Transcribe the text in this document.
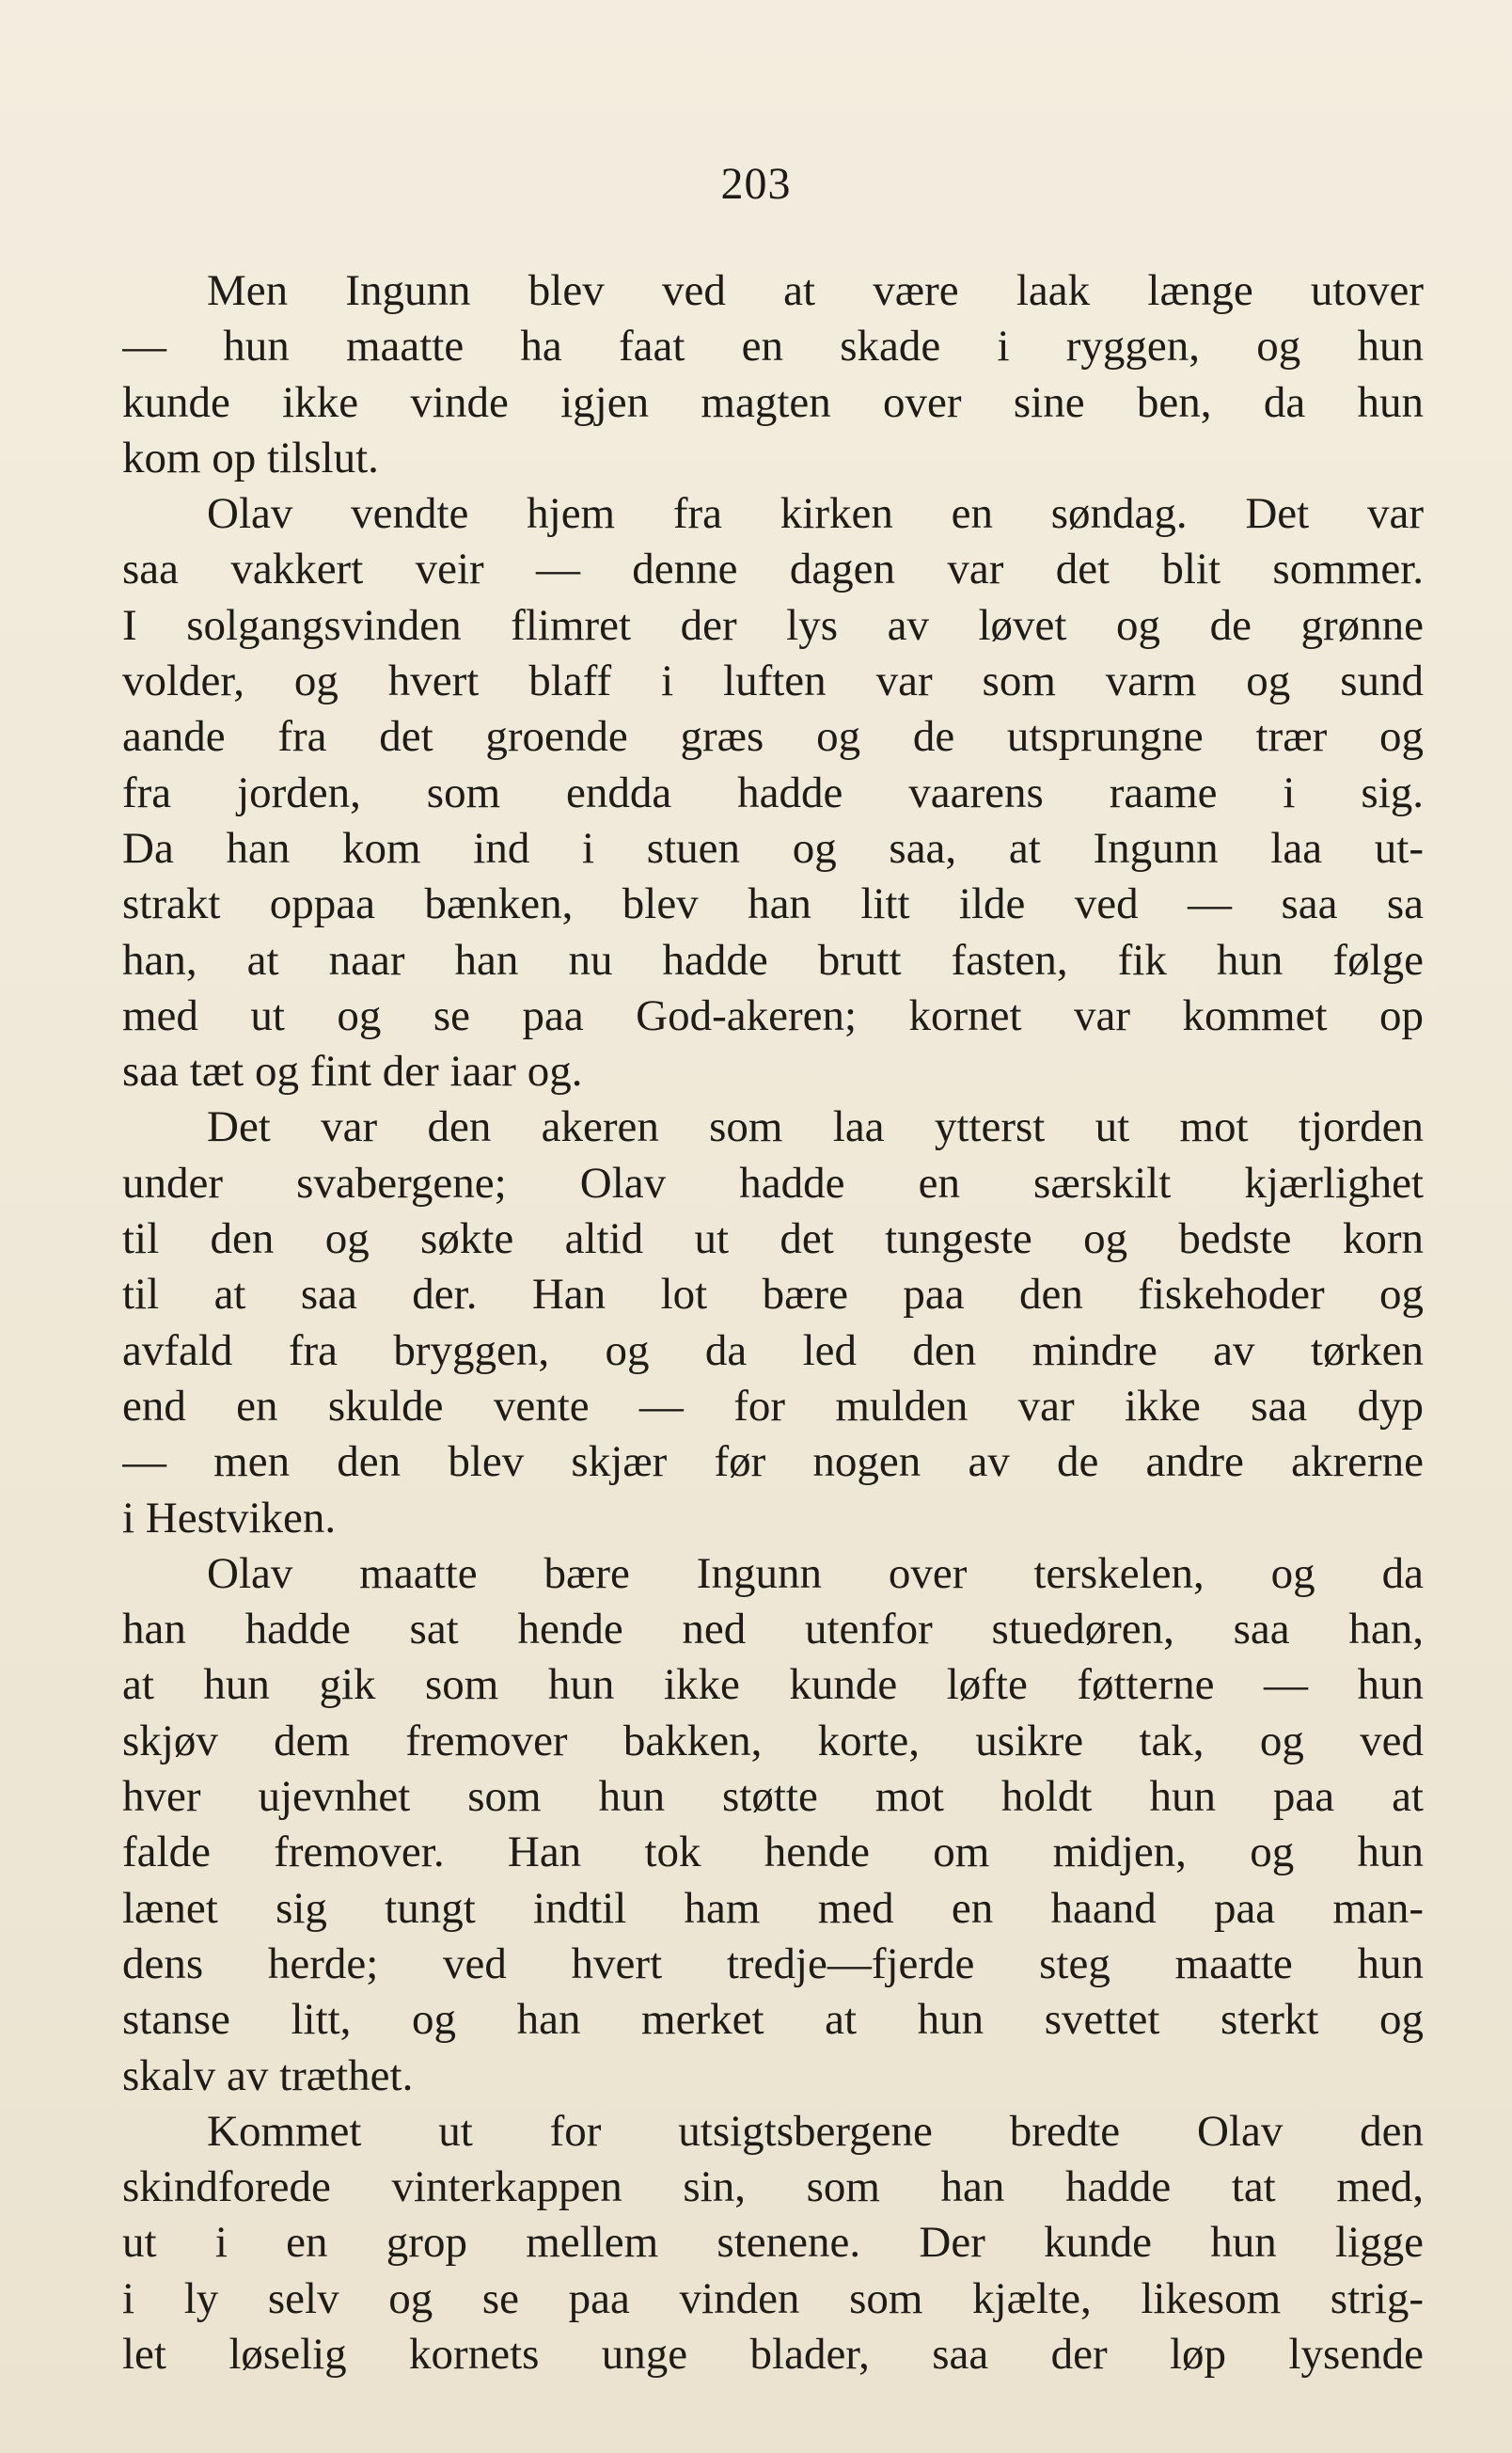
203
Men Ingunn blev ved at være laak længe utover
— hun maatte ha faat en skade i ryggen, og hun
kunde ikke vinde igjen magten over sine ben, da hun
kom op tilslut.
Olav vendte hjem fra kirken en søndag. Det var
saa vakkert veir — denne dagen var det blit sommer.
I solgangsvinden flimret der lys av løvet og de grønne
volder, og hvert blaff i luften var som varm og sund
aande fra det groende græs og de utsprungne trær og
fra jorden, som endda hadde vaarens raame i sig.
Da han kom ind i stuen og saa, at Ingunn laa ut-
strakt oppaa bænken, blev han litt ilde ved — saa sa
han, at naar han nu hadde brutt fasten, fik hun følge
med ut og se paa God-akeren; kornet var kommet op
saa tæt og fint der iaar og.
Det var den akeren som laa ytterst ut mot tjorden
under svabergene; Olav hadde en særskilt kjærlighet
til den og søkte altid ut det tungeste og bedste korn
til at saa der. Han lot bære paa den fiskehoder og
avfald fra bryggen, og da led den mindre av tørken
end en skulde vente — for mulden var ikke saa dyp
— men den blev skjær før nogen av de andre akrerne
i Hestviken.
Olav maatte bære Ingunn over terskelen, og da
han hadde sat hende ned utenfor stuedøren, saa han,
at hun gik som hun ikke kunde løfte føtterne — hun
skjøv dem fremover bakken, korte, usikre tak, og ved
hver ujevnhet som hun støtte mot holdt hun paa at
falde fremover. Han tok hende om midjen, og hun
lænet sig tungt indtil ham med en haand paa man-
dens herde; ved hvert tredje—fjerde steg maatte hun
stanse litt, og han merket at hun svettet sterkt og
skalv av træthet.
Kommet ut for utsigtsbergene bredte Olav den
skindforede vinterkappen sin, som han hadde tat med,
ut i en grop mellem stenene. Der kunde hun ligge
i ly selv og se paa vinden som kjælte, likesom strig-
let løselig kornets unge blader, saa der løp lysende
